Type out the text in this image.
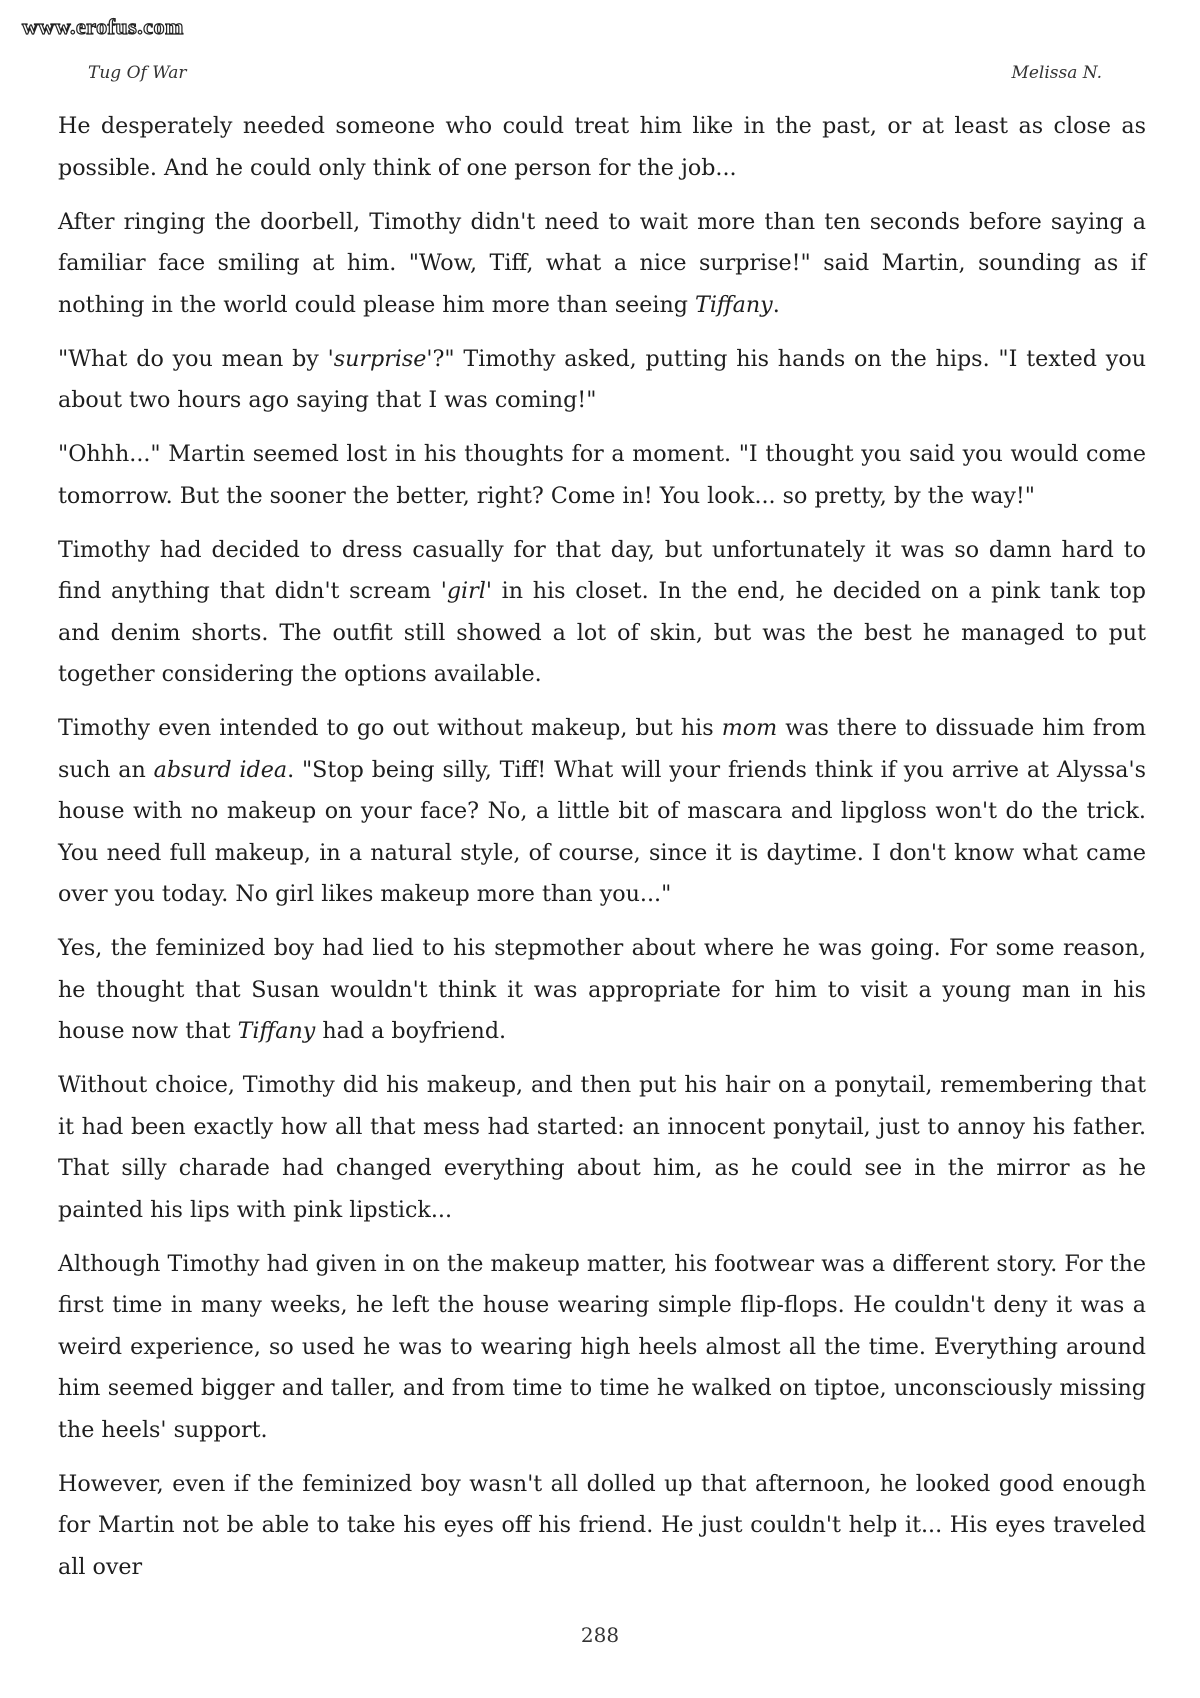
www.erofus.com
Tug Of War	Melissa N.

He desperately needed someone who could treat him like in the past, or at least as close as possible. And he could only think of one person for the job...

After ringing the doorbell, Timothy didn't need to wait more than ten seconds before saying a familiar face smiling at him. "Wow, Tiff, what a nice surprise!" said Martin, sounding as if nothing in the world could please him more than seeing Tiffany.

"What do you mean by 'surprise'?" Timothy asked, putting his hands on the hips. "I texted you about two hours ago saying that I was coming!"

"Ohhh..." Martin seemed lost in his thoughts for a moment. "I thought you said you would come tomorrow. But the sooner the better, right? Come in! You look... so pretty, by the way!"

Timothy had decided to dress casually for that day, but unfortunately it was so damn hard to find anything that didn't scream 'girl' in his closet. In the end, he decided on a pink tank top and denim shorts. The outfit still showed a lot of skin, but was the best he managed to put together considering the options available.

Timothy even intended to go out without makeup, but his mom was there to dissuade him from such an absurd idea. "Stop being silly, Tiff! What will your friends think if you arrive at Alyssa's house with no makeup on your face? No, a little bit of mascara and lipgloss won't do the trick. You need full makeup, in a natural style, of course, since it is daytime. I don't know what came over you today. No girl likes makeup more than you..."

Yes, the feminized boy had lied to his stepmother about where he was going. For some reason, he thought that Susan wouldn't think it was appropriate for him to visit a young man in his house now that Tiffany had a boyfriend.

Without choice, Timothy did his makeup, and then put his hair on a ponytail, remembering that it had been exactly how all that mess had started: an innocent ponytail, just to annoy his father. That silly charade had changed everything about him, as he could see in the mirror as he painted his lips with pink lipstick...

Although Timothy had given in on the makeup matter, his footwear was a different story. For the first time in many weeks, he left the house wearing simple flip-flops. He couldn't deny it was a weird experience, so used he was to wearing high heels almost all the time. Everything around him seemed bigger and taller, and from time to time he walked on tiptoe, unconsciously missing the heels' support.

However, even if the feminized boy wasn't all dolled up that afternoon, he looked good enough for Martin not be able to take his eyes off his friend. He just couldn't help it... His eyes traveled all over

288
